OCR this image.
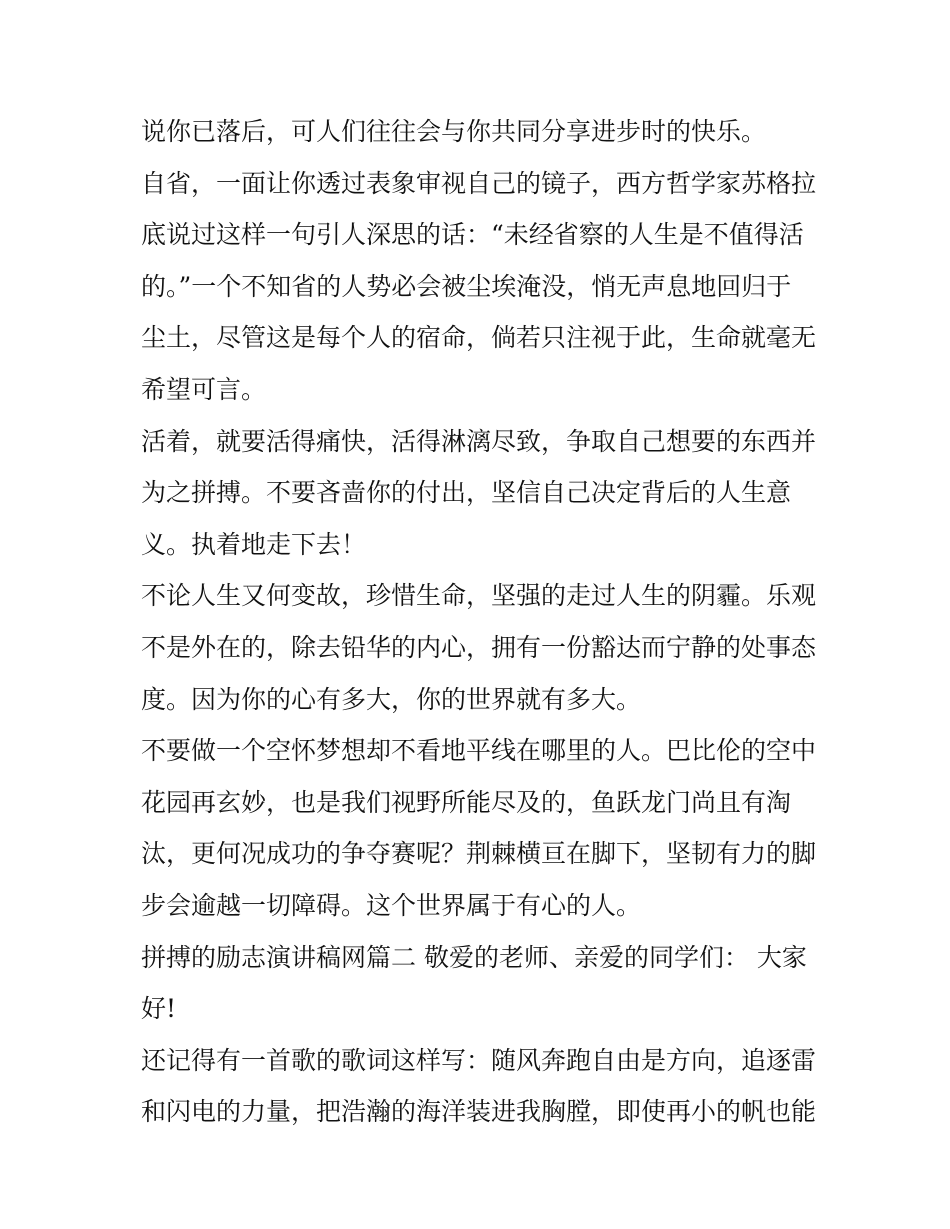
说你已落后，可人们往往会与你共同分享进步时的快乐。
自省，一面让你透过表象审视自己的镜子，西方哲学家苏格拉
底说过这样一句引人深思的话：“未经省察的人生是不值得活
的。”一个不知省的人势必会被尘埃淹没，悄无声息地回归于
尘土，尽管这是每个人的宿命，倘若只注视于此，生命就毫无
希望可言。
活着，就要活得痛快，活得淋漓尽致，争取自己想要的东西并
为之拼搏。不要吝啬你的付出，坚信自己决定背后的人生意
义。执着地走下去！
不论人生又何变故，珍惜生命，坚强的走过人生的阴霾。乐观
不是外在的，除去铅华的内心，拥有一份豁达而宁静的处事态
度。因为你的心有多大，你的世界就有多大。
不要做一个空怀梦想却不看地平线在哪里的人。巴比伦的空中
花园再玄妙，也是我们视野所能尽及的，鱼跃龙门尚且有淘
汰，更何况成功的争夺赛呢？荆棘横亘在脚下，坚韧有力的脚
步会逾越一切障碍。这个世界属于有心的人。
拼搏的励志演讲稿网篇二 敬爱的老师、亲爱的同学们： 大家
好!
还记得有一首歌的歌词这样写：随风奔跑自由是方向，追逐雷
和闪电的力量，把浩瀚的海洋装进我胸膛，即使再小的帆也能
